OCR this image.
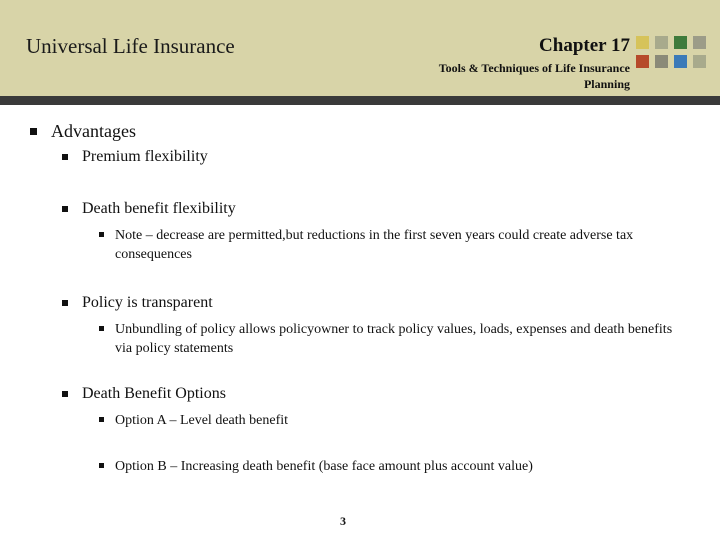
Universal Life Insurance	Chapter 17
Tools & Techniques of Life Insurance Planning
Advantages
Premium flexibility
Death benefit flexibility
Note – decrease are permitted,but reductions in the first seven years could create adverse tax consequences
Policy is transparent
Unbundling of policy allows policyowner to track policy values, loads, expenses and death benefits via policy statements
Death Benefit Options
Option A – Level death benefit
Option B – Increasing death benefit (base face amount plus account value)
3
